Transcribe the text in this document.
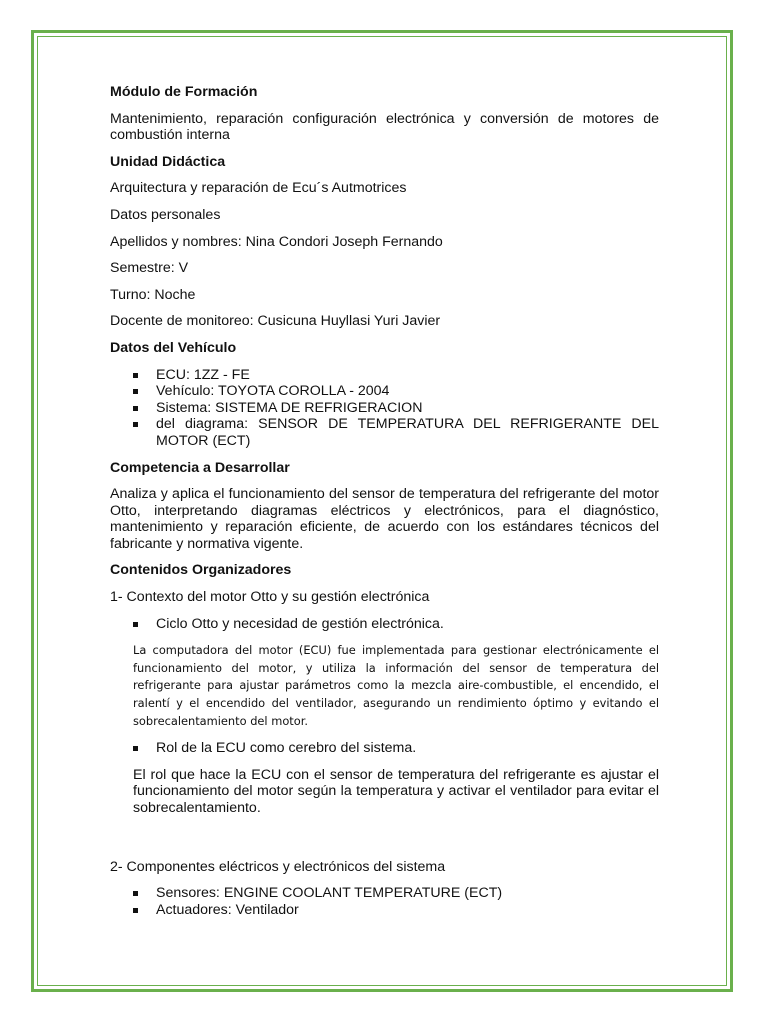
Módulo de Formación

Mantenimiento, reparación configuración electrónica y conversión de motores de combustión interna

Unidad Didáctica

Arquitectura y reparación de Ecu´s Autmotrices

Datos personales

Apellidos y nombres: Nina Condori Joseph Fernando

Semestre: V

Turno: Noche

Docente de monitoreo: Cusicuna Huyllasi Yuri Javier

Datos del Vehículo

ECU: 1ZZ - FE
Vehículo: TOYOTA COROLLA - 2004
Sistema: SISTEMA DE REFRIGERACION
del diagrama: SENSOR DE TEMPERATURA DEL REFRIGERANTE DEL MOTOR (ECT)

Competencia a Desarrollar

Analiza y aplica el funcionamiento del sensor de temperatura del refrigerante del motor Otto, interpretando diagramas eléctricos y electrónicos, para el diagnóstico, mantenimiento y reparación eficiente, de acuerdo con los estándares técnicos del fabricante y normativa vigente.

Contenidos Organizadores

1- Contexto del motor Otto y su gestión electrónica

Ciclo Otto y necesidad de gestión electrónica.

La computadora del motor (ECU) fue implementada para gestionar electrónicamente el funcionamiento del motor, y utiliza la información del sensor de temperatura del refrigerante para ajustar parámetros como la mezcla aire-combustible, el encendido, el ralentí y el encendido del ventilador, asegurando un rendimiento óptimo y evitando el sobrecalentamiento del motor.

Rol de la ECU como cerebro del sistema.

El rol que hace la ECU con el sensor de temperatura del refrigerante es ajustar el funcionamiento del motor según la temperatura y activar el ventilador para evitar el sobrecalentamiento.

2- Componentes eléctricos y electrónicos del sistema

Sensores: ENGINE COOLANT TEMPERATURE (ECT)
Actuadores: Ventilador
